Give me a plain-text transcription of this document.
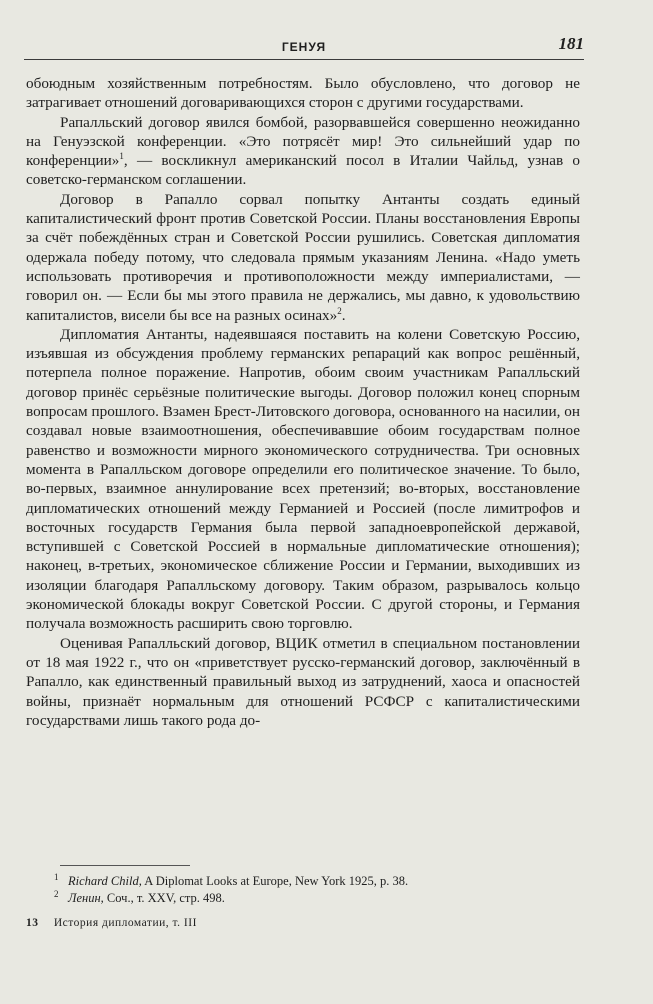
ГЕНУЯ	181

обоюдным хозяйственным потребностям. Было обусловлено, что договор не затрагивает отношений договаривающихся сторон с другими государствами.

Рапалльский договор явился бомбой, разорвавшейся совершенно неожиданно на Генуэзской конференции. «Это потрясёт мир! Это сильнейший удар по конференции»$^1$, — воскликнул американский посол в Италии Чайльд, узнав о советско-германском соглашении.

Договор в Рапалло сорвал попытку Антанты создать единый капиталистический фронт против Советской России. Планы восстановления Европы за счёт побеждённых стран и Советской России рушились. Советская дипломатия одержала победу потому, что следовала прямым указаниям Ленина. «Надо уметь использовать противоречия и противоположности между империалистами, — говорил он. — Если бы мы этого правила не держались, мы давно, к удовольствию капиталистов, висели бы все на разных осинах»$^2$.

Дипломатия Антанты, надеявшаяся поставить на колени Советскую Россию, изъявшая из обсуждения проблему германских репараций как вопрос решённый, потерпела полное поражение. Напротив, обоим своим участникам Рапалльский договор принёс серьёзные политические выгоды. Договор положил конец спорным вопросам прошлого. Взамен Брест-Литовского договора, основанного на насилии, он создавал новые взаимоотношения, обеспечивавшие обоим государствам полное равенство и возможности мирного экономического сотрудничества. Три основных момента в Рапалльском договоре определили его политическое значение. То было, во-первых, взаимное аннулирование всех претензий; во-вторых, восстановление дипломатических отношений между Германией и Россией (после лимитрофов и восточных государств Германия была первой западноевропейской державой, вступившей с Советской Россией в нормальные дипломатические отношения); наконец, в-третьих, экономическое сближение России и Германии, выходивших из изоляции благодаря Рапалльскому договору. Таким образом, разрывалось кольцо экономической блокады вокруг Советской России. С другой стороны, и Германия получала возможность расширить свою торговлю.

Оценивая Рапалльский договор, ВЦИК отметил в специальном постановлении от 18 мая 1922 г., что он «приветствует русско-германский договор, заключённый в Рапалло, как единственный правильный выход из затруднений, хаоса и опасностей войны, признаёт нормальным для отношений РСФСР с капиталистическими государствами лишь такого рода до-

1 Richard Child, A Diplomat Looks at Europe, New York 1925, p. 38.
2 Ленин, Соч., т. XXV, стр. 498.
13 История дипломатии, т. III
